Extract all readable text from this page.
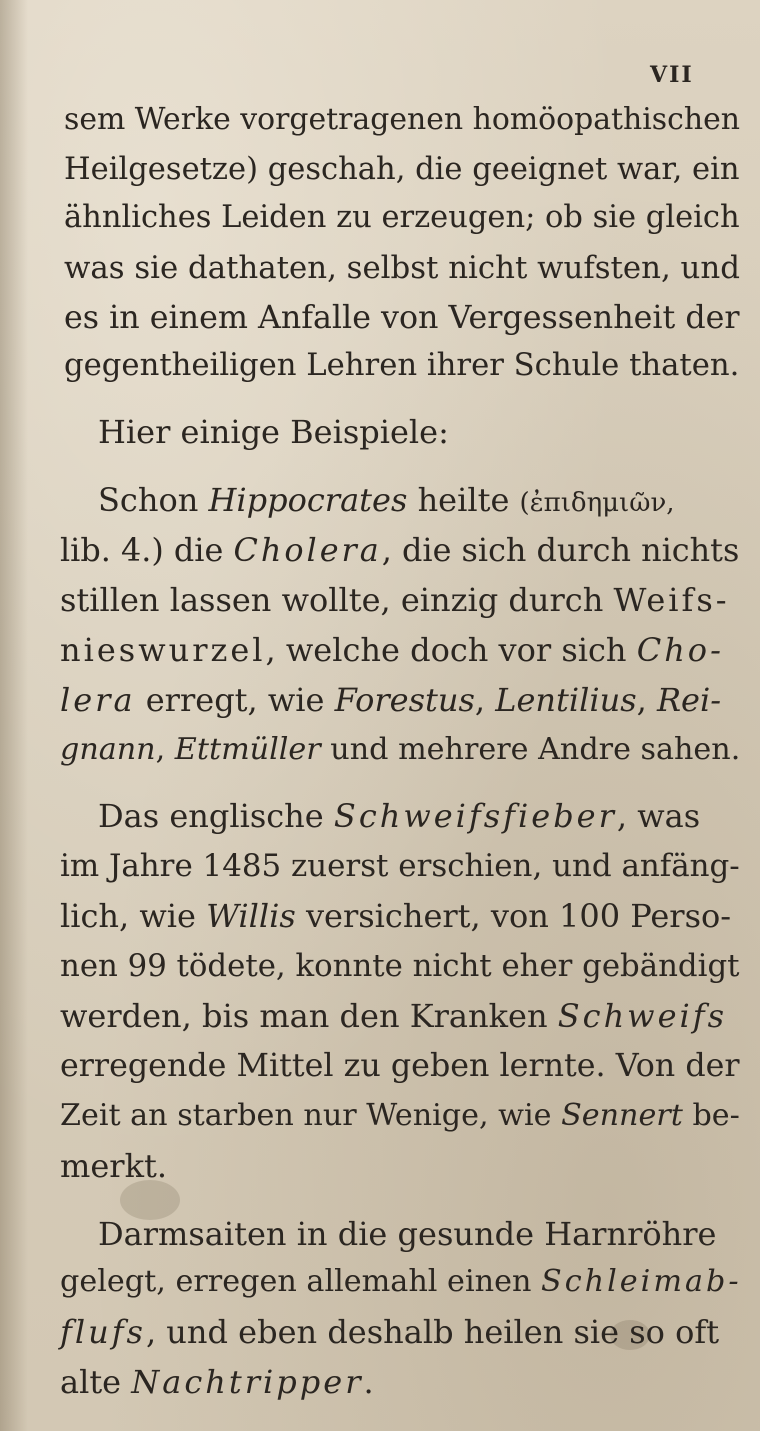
VII
sem Werke vorgetragenen homöopathischen
Heilgesetze) geschah, die geeignet war, ein
ähnliches Leiden zu erzeugen; ob sie gleich
was sie dathaten, selbst nicht wufsten, und
es in einem Anfalle von Vergessenheit der
gegentheiligen Lehren ihrer Schule thaten.
Hier einige Beispiele:
Schon Hippocrates heilte (ἐπιδημιῶν,
lib. 4.) die Cholera, die sich durch nichts
stillen lassen wollte, einzig durch Weifs-
nieswurzel, welche doch vor sich Cho-
lera erregt, wie Forestus, Lentilius, Rei-
gnann, Ettmüller und mehrere Andre sahen.
Das englische Schweifsfieber, was
im Jahre 1485 zuerst erschien, und anfäng-
lich, wie Willis versichert, von 100 Perso-
nen 99 tödete, konnte nicht eher gebändigt
werden, bis man den Kranken Schweifs
erregende Mittel zu geben lernte. Von der
Zeit an starben nur Wenige, wie Sennert be-
merkt.
Darmsaiten in die gesunde Harnröhre
gelegt, erregen allemahl einen Schleimab-
flufs, und eben deshalb heilen sie so oft
alte Nachtripper.
